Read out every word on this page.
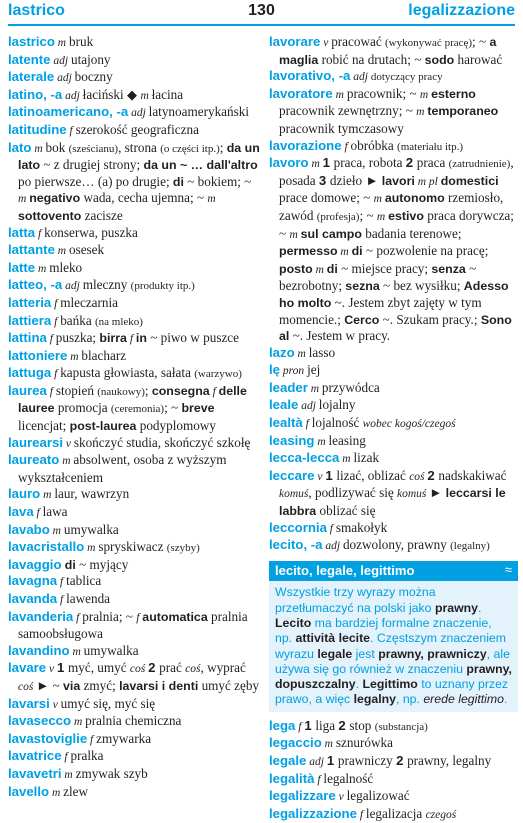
lastrico	130	legalizzazione

lastrico m bruk

latente adj utajony

laterale adj boczny

latino, -a adj łaciński ◆ m łacina

latinoamericano, -a adj latynoamerykański

latitudine f szerokość geograficzna

lato m bok (sześcianu), strona (o części itp.); da un lato ~ z drugiej strony; da un ~ … dall'altro po pierwsze… (a) po drugie; di ~ bokiem; ~ m negativo wada, cecha ujemna; ~ m sottovento zacisze

latta f konserwa, puszka

lattante m osesek

latte m mleko

latteo, -a adj mleczny (produkty itp.)

latteria f mleczarnia

lattiera f bańka (na mleko)

lattina f puszka; birra f in ~ piwo w puszce

lattoniere m blacharz

lattuga f kapusta głowiasta, sałata (warzywo)

laurea f stopień (naukowy); consegna f delle lauree promocja (ceremonia); ~ breve licencjat; post-laurea podyplomowy

laurearsi v skończyć studia, skończyć szkołę

laureato m absolwent, osoba z wyższym wykształceniem

lauro m laur, wawrzyn

lava f lawa

lavabo m umywalka

lavacristallo m spryskiwacz (szyby)

lavaggio di ~ myjący

lavagna f tablica

lavanda f lawenda

lavanderia f pralnia; ~ f automatica pralnia samoobsługowa

lavandino m umywalka

lavare v 1 myć, umyć coś 2 prać coś, wyprać coś ► ~ via zmyć; lavarsi i denti umyć zęby

lavarsi v umyć się, myć się

lavasecco m pralnia chemiczna

lavastoviglie f zmywarka

lavatrice f pralka

lavavetri m zmywak szyb

lavello m zlew

lavorare v pracować (wykonywać pracę); ~ a maglia robić na drutach; ~ sodo harować

lavorativo, -a adj dotyczący pracy

lavoratore m pracownik; ~ m esterno pracownik zewnętrzny; ~ m temporaneo pracownik tymczasowy

lavorazione f obróbka (materiału itp.)

lavoro m 1 praca, robota 2 praca (zatrudnienie), posada 3 dzieło ► lavori m pl domestici prace domowe; ~ m autonomo rzemiosło, zawód (profesja); ~ m estivo praca dorywcza; ~ m sul campo badania terenowe; permesso m di ~ pozwolenie na pracę; posto m di ~ miejsce pracy; senza ~ bezrobotny; sezna ~ bez wysiłku; Adesso ho molto ~. Jestem zbyt zajęty w tym momencie.; Cerco ~. Szukam pracy.; Sono al ~. Jestem w pracy.

lazo m lasso

lę pron jej

leader m przywódca

leale adj lojalny

lealtà f lojalność wobec kogoś/czegoś

leasing m leasing

lecca-lecca m lizak

leccare v 1 lizać, oblizać coś 2 nadskakiwać komuś, podlizywać się komuś ► leccarsi le labbra oblizać się

leccornia f smakołyk

lecito, -a adj dozwolony, prawny (legalny)

lecito, legale, legittimo	≈
Wszystkie trzy wyrazy można przetłumaczyć na polski jako prawny. Lecito ma bardziej formalne znaczenie, np. attività lecite. Częstszym znaczeniem wyrazu legale jest prawny, prawniczy, ale używa się go również w znaczeniu prawny, dopuszczalny. Legittimo to uznany przez prawo, a więc legalny, np. erede legittimo.

lega f 1 liga 2 stop (substancja)

legaccio m sznurówka

legale adj 1 prawniczy 2 prawny, legalny

legalità f legalność

legalizzare v legalizować

legalizzazione f legalizacja czegoś
